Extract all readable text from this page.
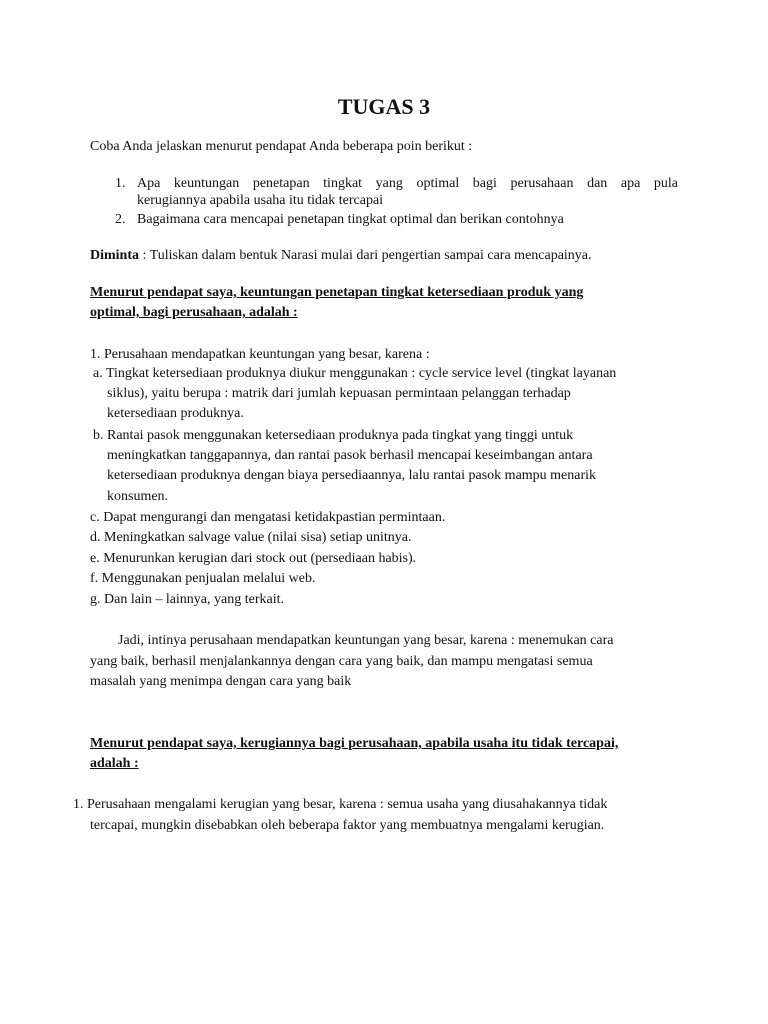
TUGAS 3
Coba Anda jelaskan menurut pendapat Anda beberapa poin berikut :
1. Apa keuntungan penetapan tingkat yang optimal bagi perusahaan dan apa pula
kerugiannya apabila usaha itu tidak tercapai
2. Bagaimana cara mencapai penetapan tingkat optimal dan berikan contohnya
Diminta : Tuliskan dalam bentuk Narasi mulai dari pengertian sampai cara mencapainya.
Menurut pendapat saya, keuntungan penetapan tingkat ketersediaan produk yang
optimal, bagi perusahaan, adalah :
1. Perusahaan mendapatkan keuntungan yang besar, karena :
a. Tingkat ketersediaan produknya diukur menggunakan : cycle service level (tingkat layanan
siklus), yaitu berupa : matrik dari jumlah kepuasan permintaan pelanggan terhadap
ketersediaan produknya.
b. Rantai pasok menggunakan ketersediaan produknya pada tingkat yang tinggi untuk
meningkatkan tanggapannya, dan rantai pasok berhasil mencapai keseimbangan antara
ketersediaan produknya dengan biaya persediaannya, lalu rantai pasok mampu menarik
konsumen.
c. Dapat mengurangi dan mengatasi ketidakpastian permintaan.
d. Meningkatkan salvage value (nilai sisa) setiap unitnya.
e. Menurunkan kerugian dari stock out (persediaan habis).
f. Menggunakan penjualan melalui web.
g. Dan lain – lainnya, yang terkait.
Jadi, intinya perusahaan mendapatkan keuntungan yang besar, karena : menemukan cara
yang baik, berhasil menjalankannya dengan cara yang baik, dan mampu mengatasi semua
masalah yang menimpa dengan cara yang baik
Menurut pendapat saya, kerugiannya bagi perusahaan, apabila usaha itu tidak tercapai,
adalah :
1. Perusahaan mengalami kerugian yang besar, karena : semua usaha yang diusahakannya tidak
tercapai, mungkin disebabkan oleh beberapa faktor yang membuatnya mengalami kerugian.
